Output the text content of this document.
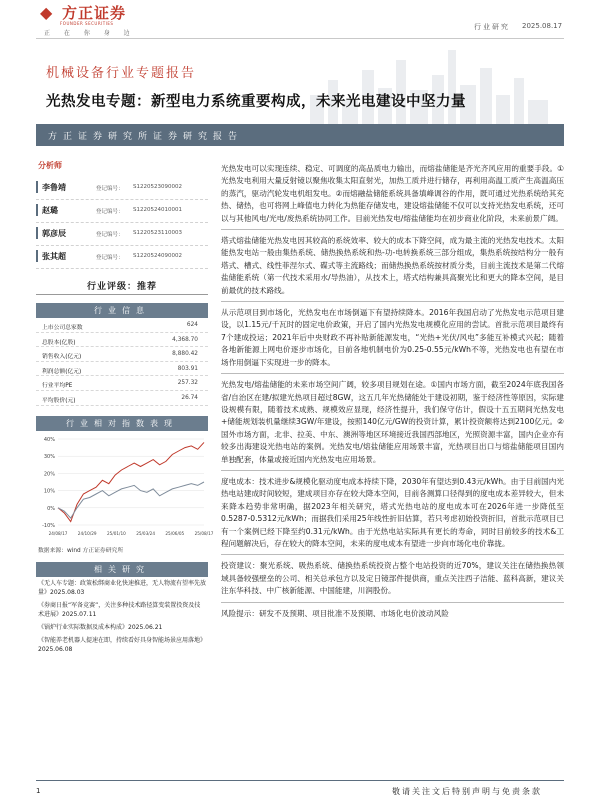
◆ 方正证券
FOUNDER SECURITIES
正 在 你 身 边
行业研究 2025.08.17
机械设备行业专题报告
光热发电专题：新型电力系统重要构成，未来光电建设中坚力量
方正证券研究所证券研究报告
分析师
李鲁靖	登记编号： S1220523090002
赵璐	登记编号： S1220524010001
郭彦辰	登记编号： S1220523110003
张其超	登记编号： S1220524090002
行业评级：推荐
行业信息
上市公司总家数	624
总股本(亿股)	4,368.70
销售收入(亿元)	8,880.42
利润总额(亿元)	803.91
行业平均PE	257.32
平均股价(元)	26.74
行业相对指数表现
40%
30%
20%
10%
0%
-10%
24/08/17 24/10/29 25/01/10 25/03/24 25/06/05 25/08/17
数据来源：wind 方正证券研究所
相关研究
《无人车专题：政策松绑商业化快速推进，无人物流有望率先放量》2025.08.03
《券商日报“军备竞赛”，关注多种技术路径算变装置投资及技术进展》2025.07.11
《锅炉行业实际数据及成本构成》2025.06.21
《智能养老机器人提速在即，持续看好具身智能场景应用落地》2025.06.08

光热发电可以实现连续、稳定、可调度的高品质电力输出，而熔盐储能是齐光齐风应用的重要手段。①光热发电利用大量反射镜以聚焦收集太阳直射光，加热工质并进行储存，再利用高温工质产生高温高压的蒸汽，驱动汽轮发电机组发电。②而熔融盐储能系统具备填峰调谷的作用，既可通过光热系统给其充热、储热，也可将网上峰值电力转化为热能存储发电，建设熔盐储能不仅可以支持光热发电系统，还可以与其他风电/光电/废热系统协同工作。目前光热发电/熔盐储能均在初步商业化阶段，未来前景广阔。

塔式熔盐储能光热发电因其较高的系统效率、较大的成本下降空间，成为最主流的光热发电技术。太阳能热发电站一般由集热系统、储热换热系统和热-功-电转换系统三部分组成，集热系统按结构分一般有塔式、槽式、线性菲涅尔式、碟式等主流路线；而储热换热系统按材质分类，目前主流技术是第二代熔盐储能系统（第一代技术采用水/导热油），从技术上，塔式结构兼具高聚光比和更大的降本空间，是目前最优的技术路线。

从示范项目到市场化，光热发电在市场倒逼下有望持续降本。2016年我国启动了光热发电示范项目建设，以1.15元/千瓦时的固定电价政策，开启了国内光热发电规模化应用的尝试。首批示范项目最终有7个建成投运；2021年后中央财政不再补贴新能源发电，“光热+光伏/风电”多能互补模式兴起；随着各地新能源上网电价逐步市场化，目前各地机制电价为0.25-0.55元/kWh不等，光热发电也有望在市场作用倒逼下实现进一步的降本。

光热发电/熔盐储能的未来市场空间广阔，较多项目规划在途。①国内市场方面，截至2024年底我国各省/自治区在建/拟建光热项目超过8GW，这五几年光热储能处于建设初期，鉴于经济性等原因，实际建设规模有限，随着技术成熟、规模效应显现，经济性提升，我们保守估计，假设十五五期间光热发电+储能规划装机量继续3GW/年建设，按照140亿元/GW的投资计算，累计投资额将达到2100亿元。②国外市场方面，北非、拉美、中东、澳洲等地区环境接近我国西部地区，光照资源丰富，国内企业亦有较多出海建设光热电站的案例。光热发电/熔盐储能应用场景丰富，光热项目出口与熔盐储能项目国内单独配套，体量或接近国内光热发电应用场景。

度电成本：技术进步&规模化驱动度电成本持续下降，2030年有望达到0.43元/kWh。由于目前国内光热电站建成时间较短，建成项目亦存在较大降本空间，目前各测算口径得到的度电成本差异较大，但未来降本趋势非常明确，据2023年相关研究，塔式光热电站的度电成本可在2026年进一步降低至0.5287-0.5312元/kWh；而据我们采用25年线性折旧估算，若只考虑初始投资折旧，首批示范项目已有一个案例已经下降至约0.31元/kWh。由于光热电站实际具有更长的寿命，同时目前较多的技术&工程问题解决后，存在较大的降本空间，未来的度电成本有望进一步向市场化电价靠拢。

投资建议：聚光系统、吸热系统、储换热系统投资占整个电站投资的近70%，建议关注在储热换热领域具备较强壁垒的公司、相关总承包方以及定日镜部件提供商，重点关注西子洁能、蓝科高新，建议关注东华科技、中广核新能源、中国能建，川润股份。

风险提示：研发不及预期、项目批准不及预期、市场化电价波动风险

1	敬请关注文后特别声明与免责条款
